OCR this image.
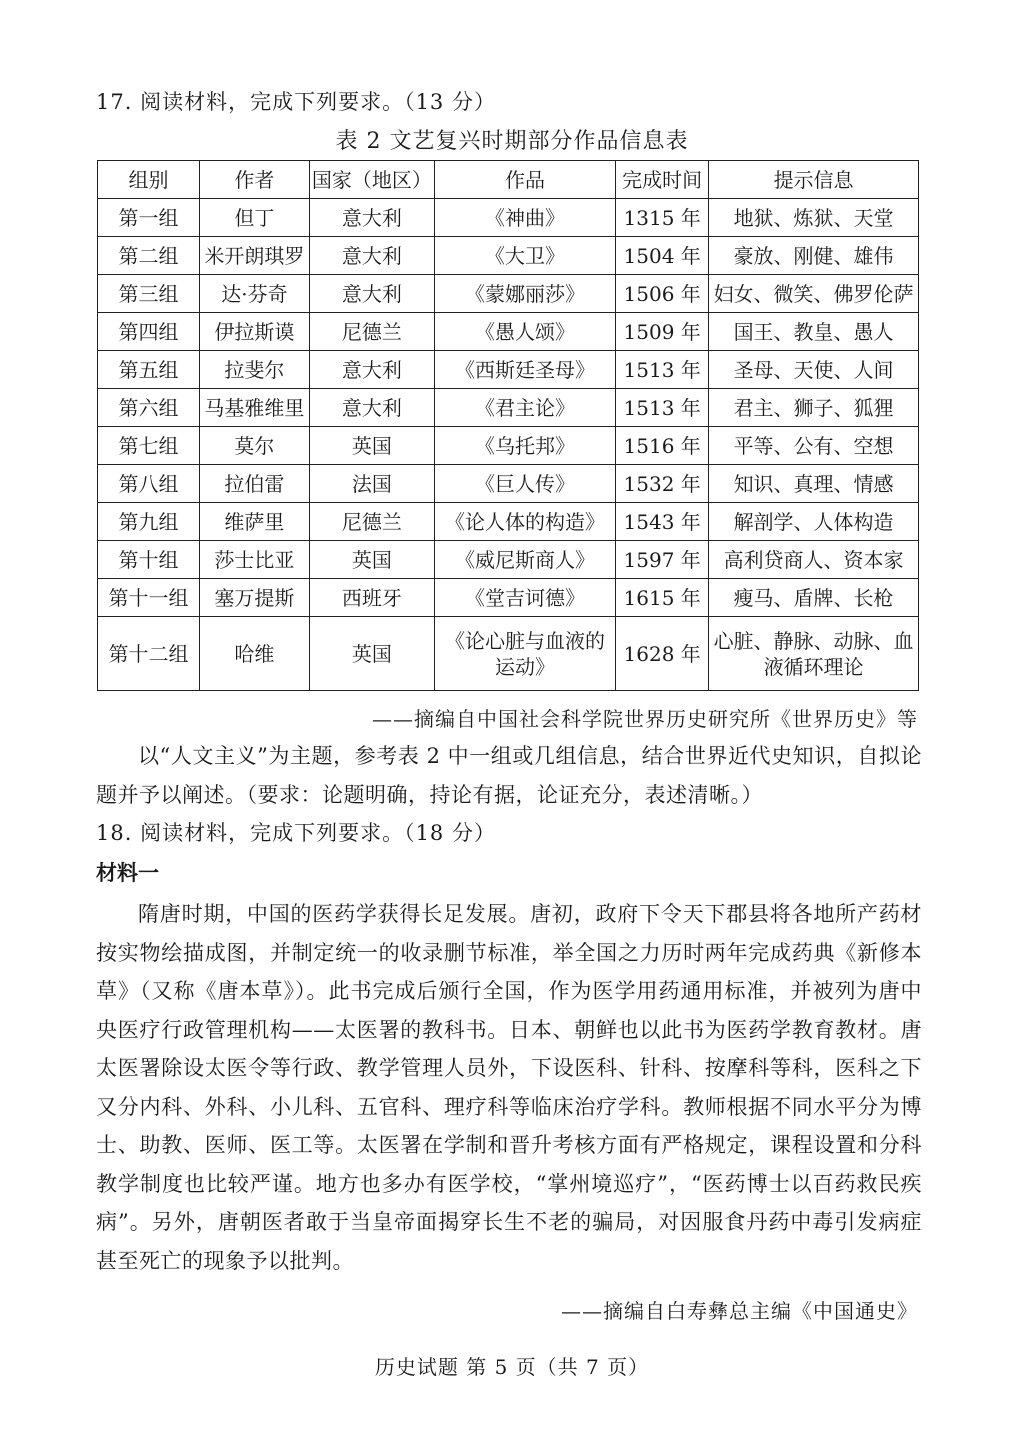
17. 阅读材料，完成下列要求。（13 分）
表 2 文艺复兴时期部分作品信息表
组别	作者	国家（地区）	作品	完成时间	提示信息
第一组	但丁	意大利	《神曲》	1315 年	地狱、炼狱、天堂
第二组	米开朗琪罗	意大利	《大卫》	1504 年	豪放、刚健、雄伟
第三组	达·芬奇	意大利	《蒙娜丽莎》	1506 年	妇女、微笑、佛罗伦萨
第四组	伊拉斯谟	尼德兰	《愚人颂》	1509 年	国王、教皇、愚人
第五组	拉斐尔	意大利	《西斯廷圣母》	1513 年	圣母、天使、人间
第六组	马基雅维里	意大利	《君主论》	1513 年	君主、狮子、狐狸
第七组	莫尔	英国	《乌托邦》	1516 年	平等、公有、空想
第八组	拉伯雷	法国	《巨人传》	1532 年	知识、真理、情感
第九组	维萨里	尼德兰	《论人体的构造》	1543 年	解剖学、人体构造
第十组	莎士比亚	英国	《威尼斯商人》	1597 年	高利贷商人、资本家
第十一组	塞万提斯	西班牙	《堂吉诃德》	1615 年	瘦马、盾牌、长枪
第十二组	哈维	英国	《论心脏与血液的运动》	1628 年	心脏、静脉、动脉、血液循环理论
——摘编自中国社会科学院世界历史研究所《世界历史》等
以“人文主义”为主题，参考表 2 中一组或几组信息，结合世界近代史知识，自拟论题并予以阐述。（要求：论题明确，持论有据，论证充分，表述清晰。）
18. 阅读材料，完成下列要求。（18 分）
材料一
隋唐时期，中国的医药学获得长足发展。唐初，政府下令天下郡县将各地所产药材按实物绘描成图，并制定统一的收录删节标准，举全国之力历时两年完成药典《新修本草》（又称《唐本草》）。此书完成后颁行全国，作为医学用药通用标准，并被列为唐中央医疗行政管理机构——太医署的教科书。日本、朝鲜也以此书为医药学教育教材。唐太医署除设太医令等行政、教学管理人员外，下设医科、针科、按摩科等科，医科之下又分内科、外科、小儿科、五官科、理疗科等临床治疗学科。教师根据不同水平分为博士、助教、医师、医工等。太医署在学制和晋升考核方面有严格规定，课程设置和分科教学制度也比较严谨。地方也多办有医学校，“掌州境巡疗”，“医药博士以百药救民疾病”。另外，唐朝医者敢于当皇帝面揭穿长生不老的骗局，对因服食丹药中毒引发病症甚至死亡的现象予以批判。
——摘编自白寿彝总主编《中国通史》
历史试题 第 5 页（共 7 页）
